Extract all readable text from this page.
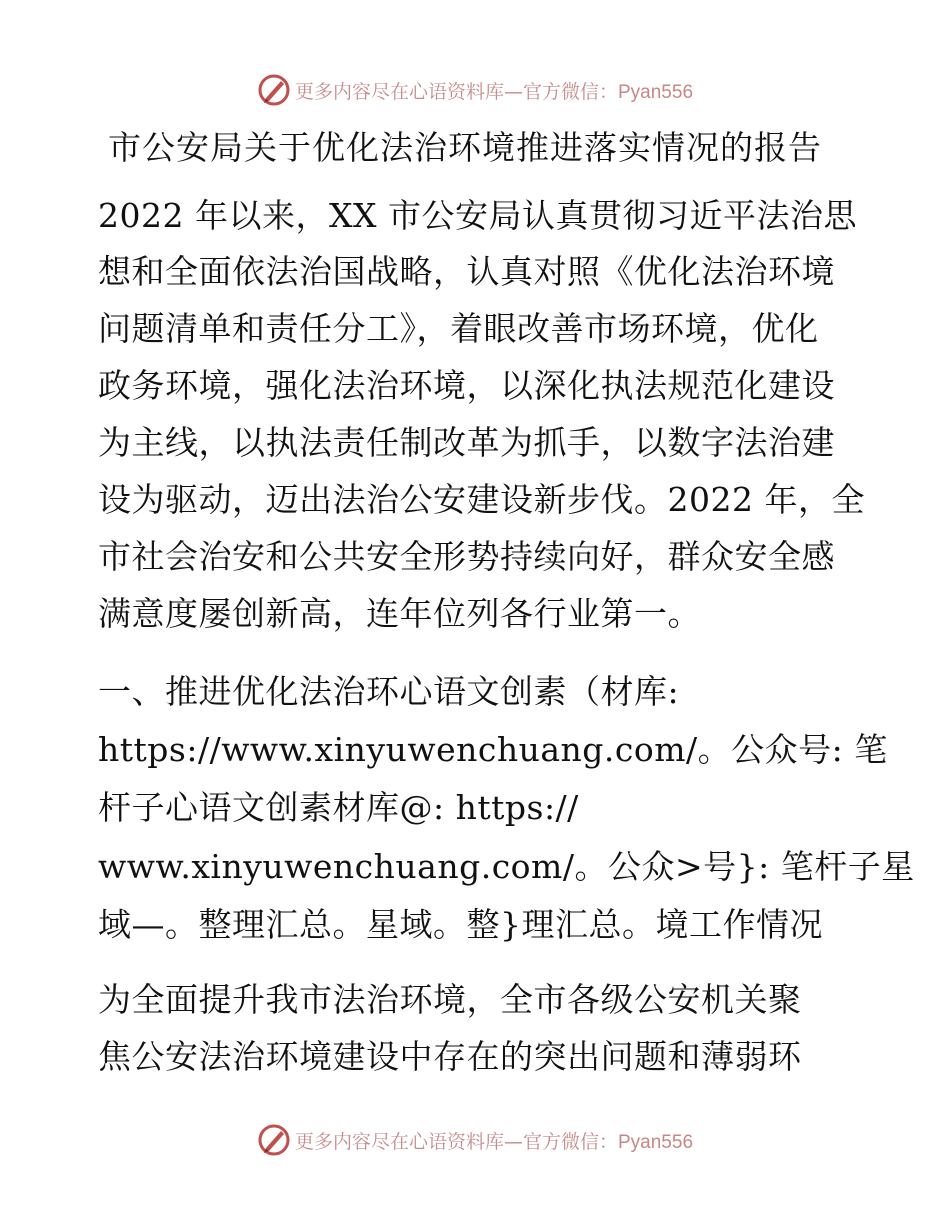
更多内容尽在心语资料库—官方微信：Pyan556
市公安局关于优化法治环境推进落实情况的报告
2022 年以来，XX 市公安局认真贯彻习近平法治思
想和全面依法治国战略，认真对照《优化法治环境
问题清单和责任分工》，着眼改善市场环境，优化
政务环境，强化法治环境，以深化执法规范化建设
为主线，以执法责任制改革为抓手，以数字法治建
设为驱动，迈出法治公安建设新步伐。2022 年，全
市社会治安和公共安全形势持续向好，群众安全感
满意度屡创新高，连年位列各行业第一。
一、推进优化法治环心语文创素（材库:
https://www.xinyuwenchuang.com/。公众号: 笔
杆子心语文创素材库@: https://
www.xinyuwenchuang.com/。公众>号}: 笔杆子星
域—。整理汇总。星域。整}理汇总。境工作情况
为全面提升我市法治环境，全市各级公安机关聚
焦公安法治环境建设中存在的突出问题和薄弱环
更多内容尽在心语资料库—官方微信：Pyan556
